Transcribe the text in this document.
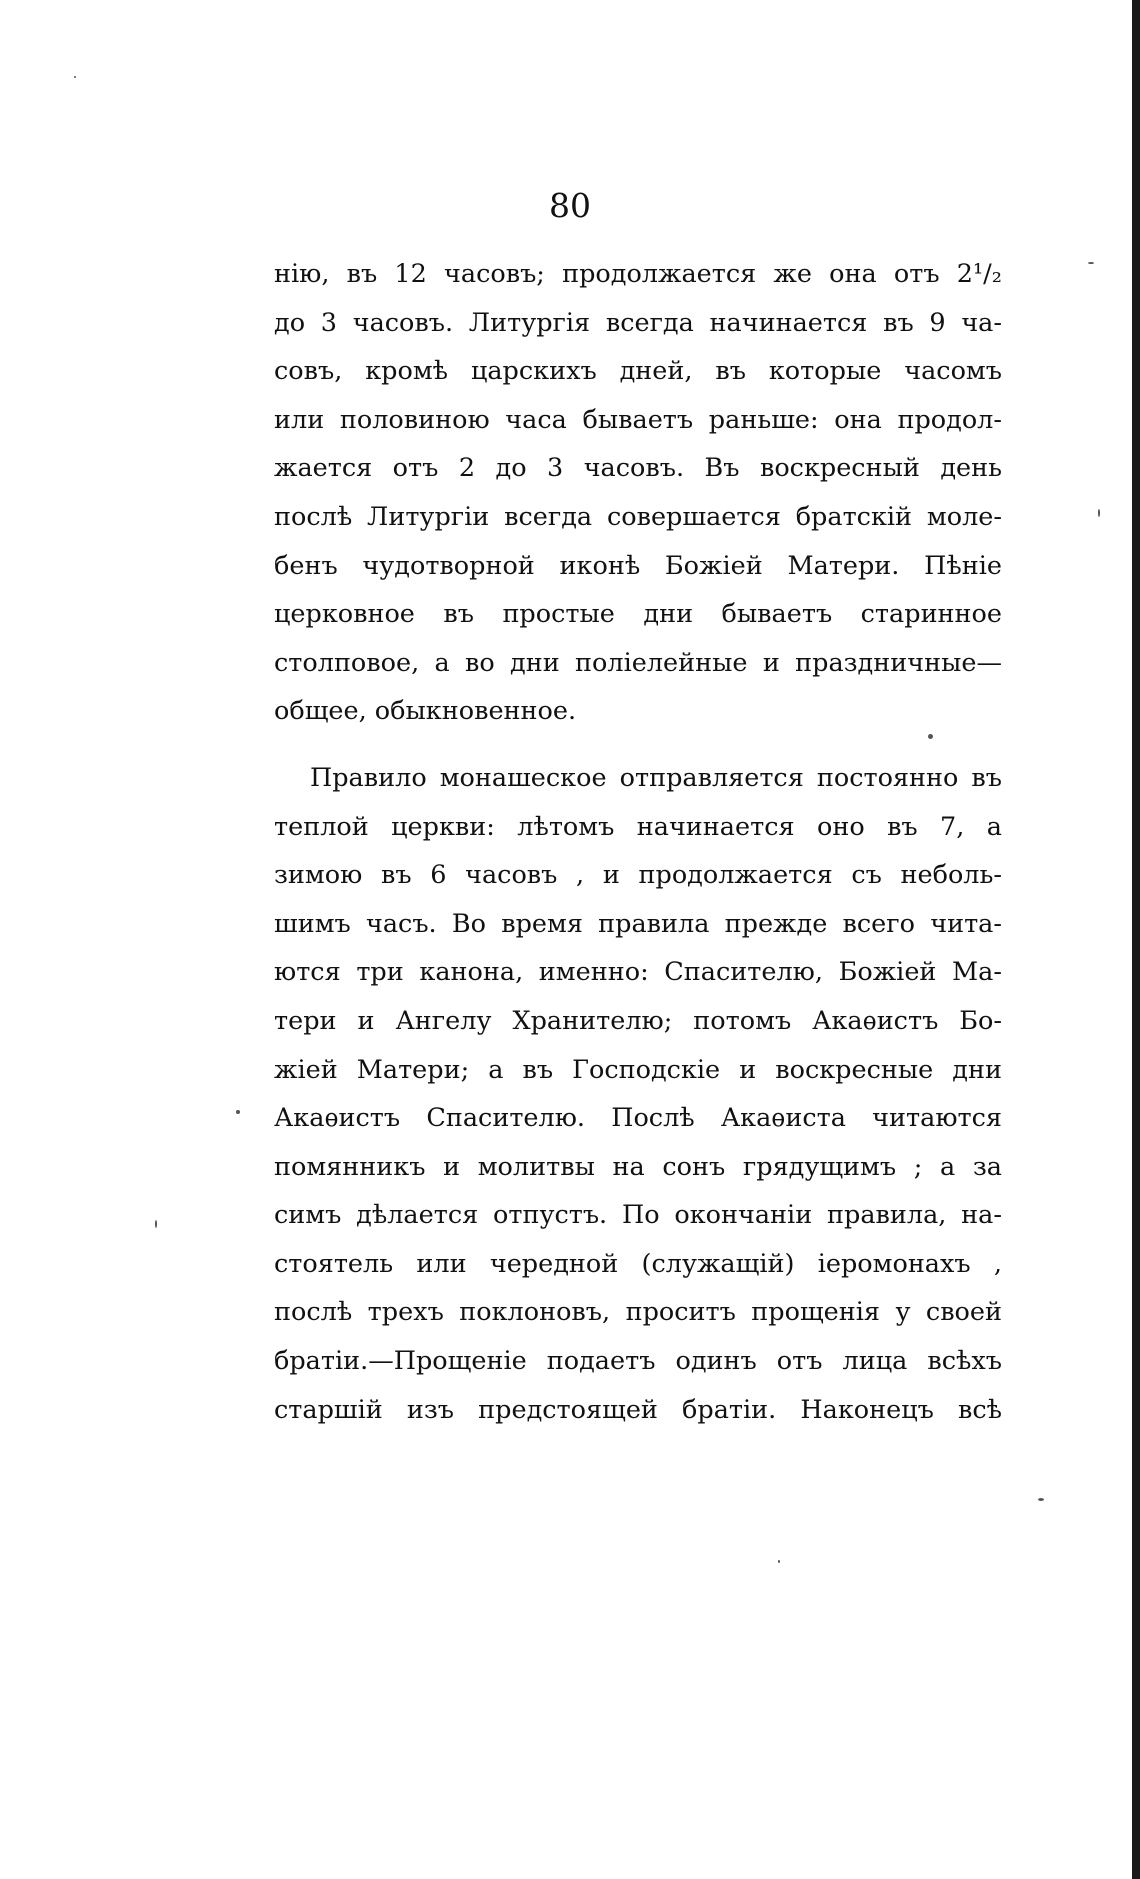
80
нію, въ 12 часовъ; продолжается же она отъ 2¹/₂
до 3 часовъ. Литургія всегда начинается въ 9 ча-
совъ, кромѣ царскихъ дней, въ которые часомъ
или половиною часа бываетъ раньше: она продол-
жается отъ 2 до 3 часовъ. Въ воскресный день
послѣ Литургіи всегда совершается братскій молe-
бенъ чудотворной иконѣ Божіей Матери. Пѣніе
церковное въ простые дни бываетъ старинное
столповое, а во дни поліелейные и праздничные—
общее, обыкновенное.
Правило монашеское отправляется постоянно въ
теплой церкви: лѣтомъ начинается оно въ 7, а
зимою въ 6 часовъ , и продолжается съ неболь-
шимъ часъ. Во время правила прежде всего чита-
ются три канона, именно: Спасителю, Божіей Ма-
тери и Ангелу Хранителю; потомъ Акаѳистъ Бо-
жіей Матери; а въ Господскіе и воскресные дни
Акаѳистъ Спасителю. Послѣ Акаѳиста читаются
помянникъ и молитвы на сонъ грядущимъ ; а за
симъ дѣлается отпустъ. По окончаніи правила, на-
стоятель или чередной (служащій) іеромонахъ ,
послѣ трехъ поклоновъ, проситъ прощенія у своей
братіи.—Прощеніе подаетъ одинъ отъ лица всѣхъ
старшій изъ предстоящей братіи. Наконецъ всѣ
